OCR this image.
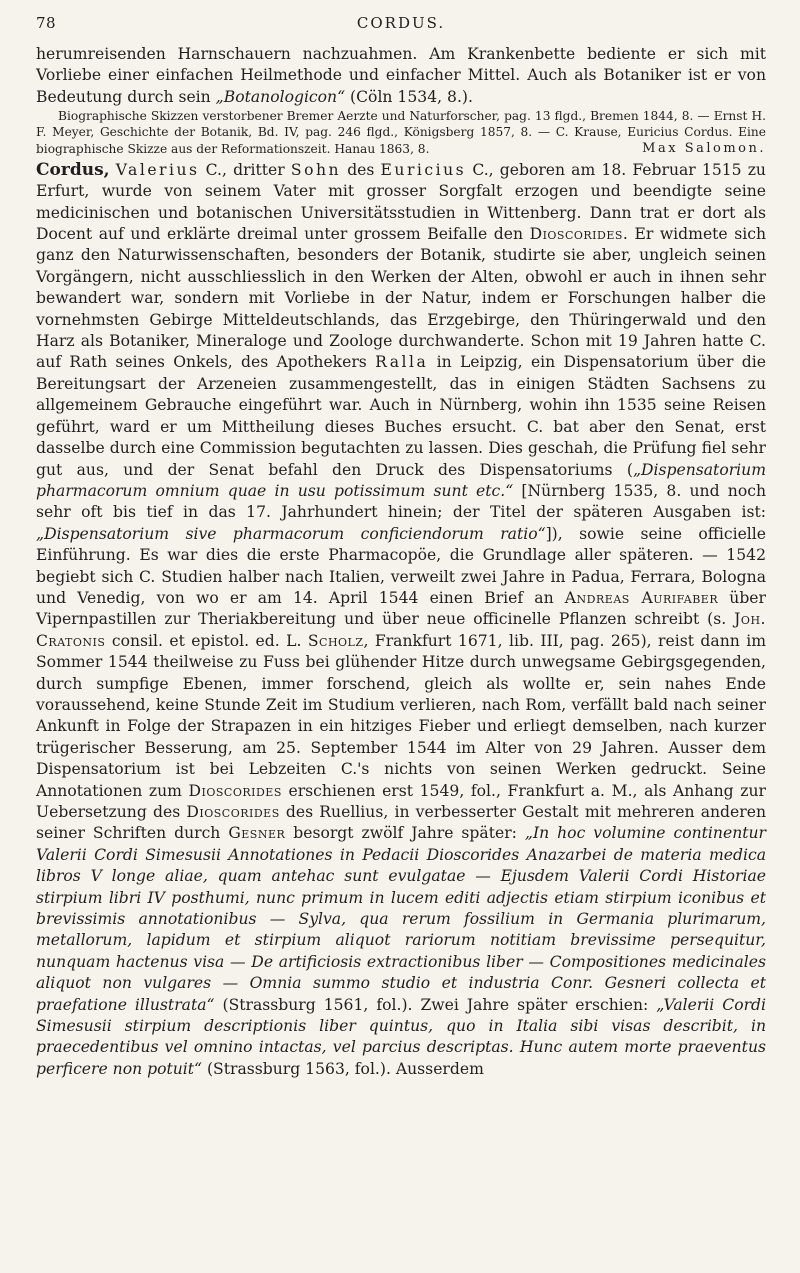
78	CORDUS.

herumreisenden Harnschauern nachzuahmen. Am Krankenbette bediente er sich mit Vorliebe einer einfachen Heilmethode und einfacher Mittel. Auch als Botaniker ist er von Bedeutung durch sein „Botanologicon“ (Cöln 1534, 8.).

Biographische Skizzen verstorbener Bremer Aerzte und Naturforscher, pag. 13 flgd., Bremen 1844, 8. — Ernst H. F. Meyer, Geschichte der Botanik, Bd. IV, pag. 246 flgd., Königsberg 1857, 8. — C. Krause, Euricius Cordus. Eine biographische Skizze aus der Reformationszeit. Hanau 1863, 8.	Max Salomon.

Cordus, Valerius C., dritter Sohn des Euricius C., geboren am 18. Februar 1515 zu Erfurt, wurde von seinem Vater mit grosser Sorgfalt erzogen und beendigte seine medicinischen und botanischen Universitätsstudien in Wittenberg. Dann trat er dort als Docent auf und erklärte dreimal unter grossem Beifalle den Dioscorides. Er widmete sich ganz den Naturwissenschaften, besonders der Botanik, studirte sie aber, ungleich seinen Vorgängern, nicht ausschliesslich in den Werken der Alten, obwohl er auch in ihnen sehr bewandert war, sondern mit Vorliebe in der Natur, indem er Forschungen halber die vornehmsten Gebirge Mitteldeutschlands, das Erzgebirge, den Thüringerwald und den Harz als Botaniker, Mineraloge und Zoologe durchwanderte. Schon mit 19 Jahren hatte C. auf Rath seines Onkels, des Apothekers Ralla in Leipzig, ein Dispensatorium über die Bereitungsart der Arzeneien zusammengestellt, das in einigen Städten Sachsens zu allgemeinem Gebrauche eingeführt war. Auch in Nürnberg, wohin ihn 1535 seine Reisen geführt, ward er um Mittheilung dieses Buches ersucht. C. bat aber den Senat, erst dasselbe durch eine Commission begutachten zu lassen. Dies geschah, die Prüfung fiel sehr gut aus, und der Senat befahl den Druck des Dispensatoriums („Dispensatorium pharmacorum omnium quae in usu potissimum sunt etc.“ [Nürnberg 1535, 8. und noch sehr oft bis tief in das 17. Jahrhundert hinein; der Titel der späteren Ausgaben ist: „Dispensatorium sive pharmacorum conficiendorum ratio“]), sowie seine officielle Einführung. Es war dies die erste Pharmacopöe, die Grundlage aller späteren. — 1542 begiebt sich C. Studien halber nach Italien, verweilt zwei Jahre in Padua, Ferrara, Bologna und Venedig, von wo er am 14. April 1544 einen Brief an Andreas Aurifaber über Vipernpastillen zur Theriakbereitung und über neue officinelle Pflanzen schreibt (s. Joh. Cratonis consil. et epistol. ed. L. Scholz, Frankfurt 1671, lib. III, pag. 265), reist dann im Sommer 1544 theilweise zu Fuss bei glühender Hitze durch unwegsame Gebirgsgegenden, durch sumpfige Ebenen, immer forschend, gleich als wollte er, sein nahes Ende voraussehend, keine Stunde Zeit im Studium verlieren, nach Rom, verfällt bald nach seiner Ankunft in Folge der Strapazen in ein hitziges Fieber und erliegt demselben, nach kurzer trügerischer Besserung, am 25. September 1544 im Alter von 29 Jahren. Ausser dem Dispensatorium ist bei Lebzeiten C.'s nichts von seinen Werken gedruckt. Seine Annotationen zum Dioscorides erschienen erst 1549, fol., Frankfurt a. M., als Anhang zur Uebersetzung des Dioscorides des Ruellius, in verbesserter Gestalt mit mehreren anderen seiner Schriften durch Gesner besorgt zwölf Jahre später: „In hoc volumine continentur Valerii Cordi Simesusii Annotationes in Pedacii Dioscorides Anazarbei de materia medica libros V longe aliae, quam antehac sunt evulgatae — Ejusdem Valerii Cordi Historiae stirpium libri IV posthumi, nunc primum in lucem editi adjectis etiam stirpium iconibus et brevissimis annotationibus — Sylva, qua rerum fossilium in Germania plurimarum, metallorum, lapidum et stirpium aliquot rariorum notitiam brevissime persequitur, nunquam hactenus visa — De artificiosis extractionibus liber — Compositiones medicinales aliquot non vulgares — Omnia summo studio et industria Conr. Gesneri collecta et praefatione illustrata“ (Strassburg 1561, fol.). Zwei Jahre später erschien: „Valerii Cordi Simesusii stirpium descriptionis liber quintus, quo in Italia sibi visas describit, in praecedentibus vel omnino intactas, vel parcius descriptas. Hunc autem morte praeventus perficere non potuit“ (Strassburg 1563, fol.). Ausserdem
